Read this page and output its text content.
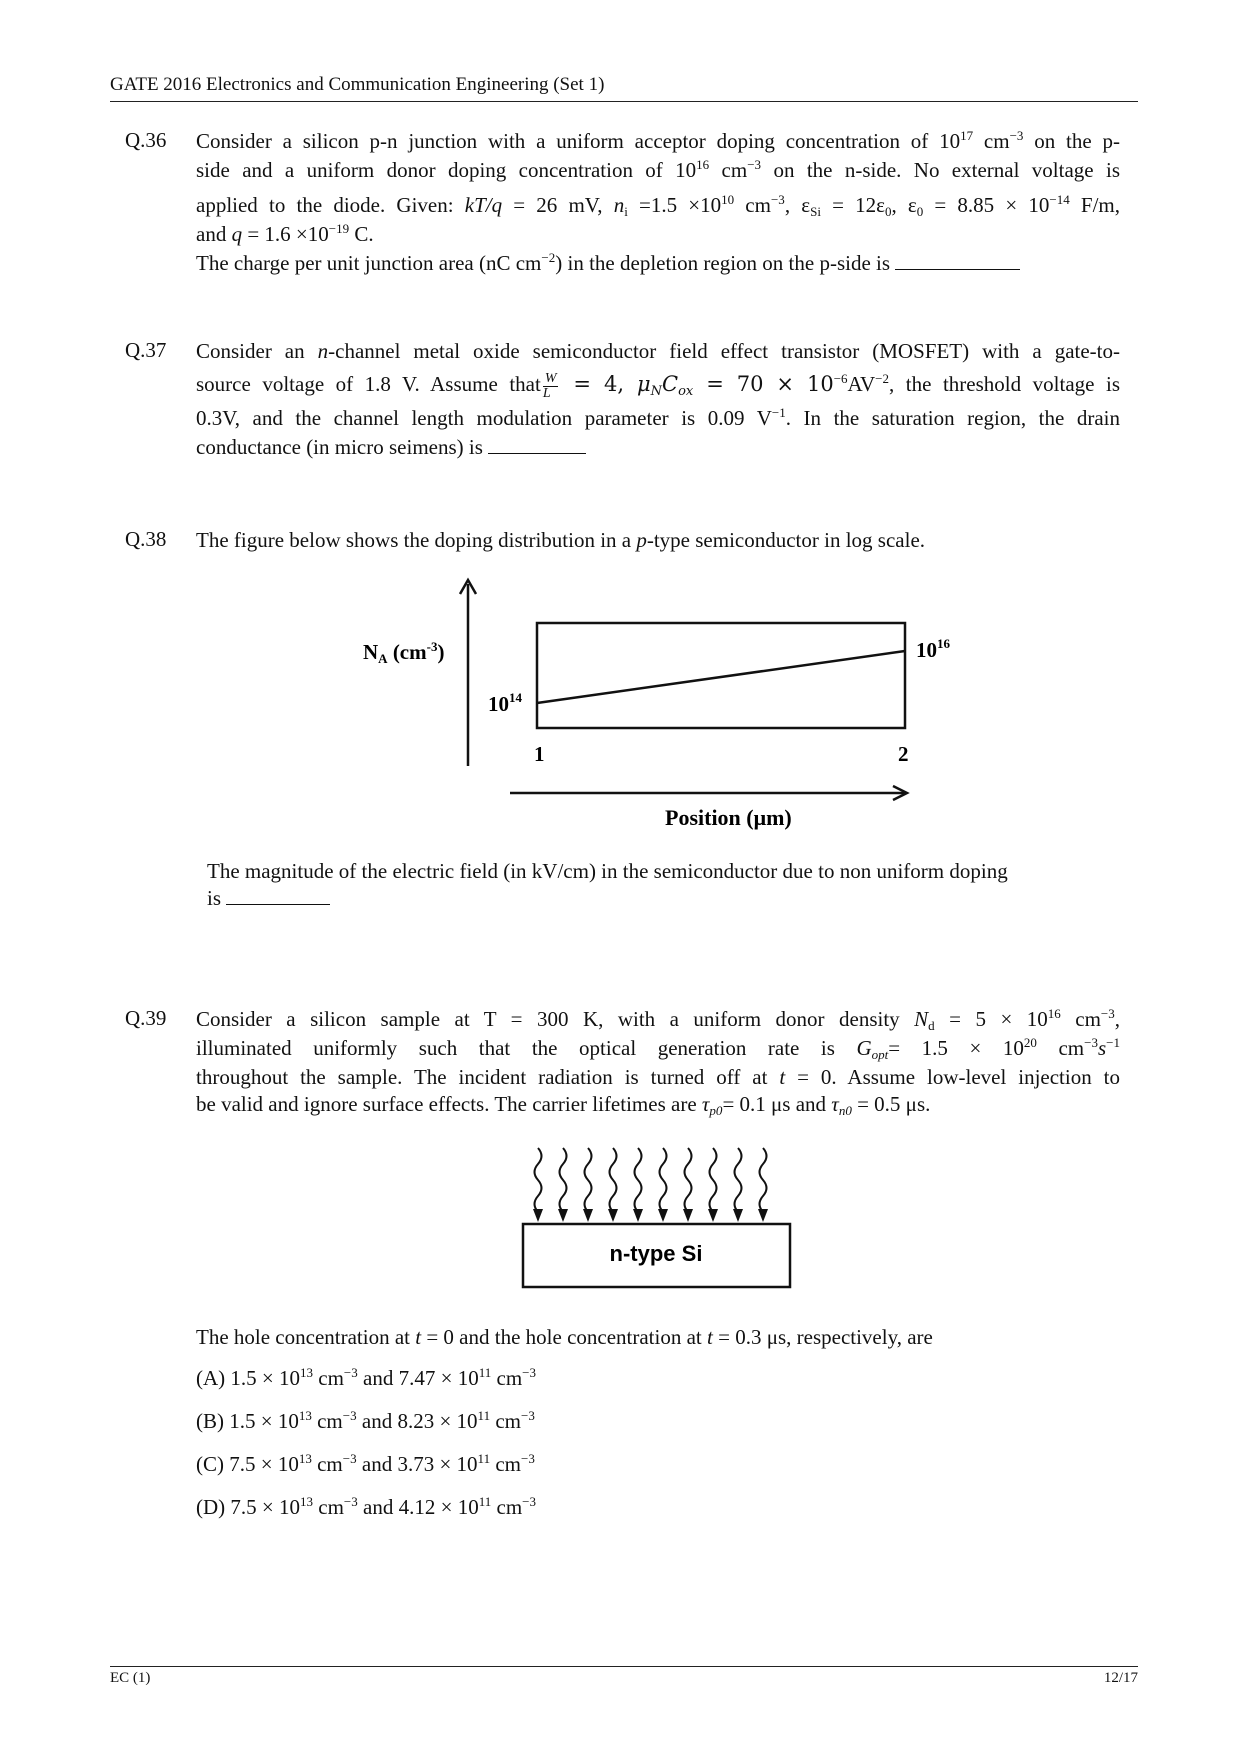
GATE 2016 Electronics and Communication Engineering (Set 1)
Q.36 Consider a silicon p-n junction with a uniform acceptor doping concentration of $10^{17}$ $cm^{-3}$ on the p-

side and a uniform donor doping concentration of $10^{16}$ $cm^{-3}$ on the n-side. No external voltage is

applied to the diode. Given: kT/q = 26 mV, $n_i =1.5 \times 10^{10}$ $cm^{-3}$, $\varepsilon_{Si} = 12\varepsilon_0$, $\varepsilon_0 = 8.85 \times 10^{-14}$ F/m,

and $q = 1.6 \times 10^{-19}$ C.

The charge per unit junction area (nC $cm^{-2}$) in the depletion region on the p-side is

Q.37 Consider an n-channel metal oxide semiconductor field effect transistor (MOSFET) with a gate-to-

source voltage of 1.8 V. Assume that $\frac{W}{L} = 4$, $\mu_NC_{ox} = 70 \times 10^{-6}AV^{-2}$, the threshold voltage is

0.3V, and the channel length modulation parameter is 0.09 $V^{-1}$. In the saturation region, the drain

conductance (in micro seimens) is

Q.38 The figure below shows the doping distribution in a p-type semiconductor in log scale.

NA $(cm^{-3})$
$10^{14}$
$10^{16}$
1	2
Position (μm)

The magnitude of the electric field (in kV/cm) in the semiconductor due to non uniform doping

is

Q.39 Consider a silicon sample at T = 300 K, with a uniform donor density $N_d = 5 \times 10^{16}$ $cm^{-3}$,

illuminated uniformly such that the optical generation rate is $G_{opt}= 1.5 \times 10^{20}$ $cm^{-3}s^{-1}$

throughout the sample. The incident radiation is turned off at t = 0. Assume low-level injection to

be valid and ignore surface effects. The carrier lifetimes are $\tau_{p0}= 0.1$ μs and $\tau_{n0} = 0.5$ μs.

n-type Si

The hole concentration at t = 0 and the hole concentration at t = 0.3 μs, respectively, are

(A) $1.5 \times 10^{13}$ $cm^{-3}$ and $7.47 \times 10^{11}$ $cm^{-3}$
(B) $1.5 \times 10^{13}$ $cm^{-3}$ and $8.23 \times 10^{11}$ $cm^{-3}$
(C) $7.5 \times 10^{13}$ $cm^{-3}$ and $3.73 \times 10^{11}$ $cm^{-3}$
(D) $7.5 \times 10^{13}$ $cm^{-3}$ and $4.12 \times 10^{11}$ $cm^{-3}$
EC (1)	12/17
